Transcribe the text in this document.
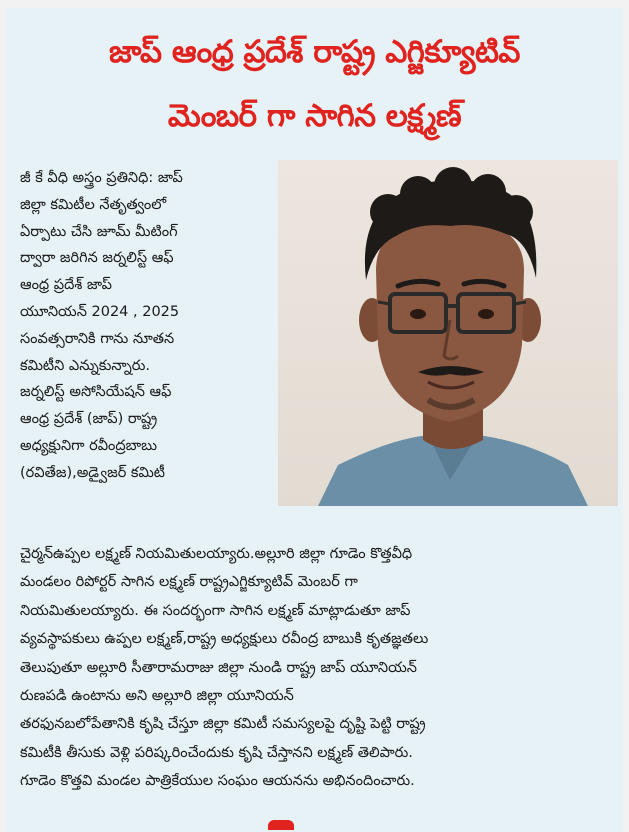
జాప్ ఆంధ్ర ప్రదేశ్ రాష్ట్ర ఎగ్జిక్యూటివ్
మెంబర్ గా సాగిన లక్ష్మణ్
జీ కే వీధి అస్త్రం ప్రతినిధి: జాప్
జిల్లా కమిటీల నేతృత్వంలో
ఏర్పాటు చేసి జూమ్ మీటింగ్
ద్వారా జరిగిన జర్నలిస్ట్ ఆఫ్
ఆంధ్ర ప్రదేశ్ జాప్
యూనియన్ 2024 , 2025
సంవత్సరానికి గాను నూతన
కమిటీని ఎన్నుకున్నారు.
జర్నలిస్ట్ అసోసియేషన్ ఆఫ్
ఆంధ్ర ప్రదేశ్ (జాప్) రాష్ట్ర
అధ్యక్షునిగా రవీంద్రబాబు
(రవితేజ),అడ్వైజర్ కమిటీ
చైర్మన్ఉప్పల లక్ష్మణ్ నియమితులయ్యారు.అల్లూరి జిల్లా గూడెం కొత్తవీధి
మండలం రిపోర్టర్ సాగిన లక్ష్మణ్ రాష్ట్రఎగ్జిక్యూటివ్ మెంబర్ గా
నియమితులయ్యారు. ఈ సందర్భంగా సాగిన లక్ష్మణ్ మాట్లాడుతూ జాప్
వ్యవస్థాపకులు ఉప్పల లక్ష్మణ్,రాష్ట్ర అధ్యక్షులు రవీంద్ర బాబుకి కృతజ్ఞతలు
తెలుపుతూ అల్లూరి సీతారామరాజు జిల్లా నుండి రాష్ట్ర జాప్ యూనియన్
రుణపడి ఉంటాను అని అల్లూరి జిల్లా యూనియన్
తరఫునబలోపేతానికి కృషి చేస్తూ జిల్లా కమిటీ సమస్యలపై దృష్టి పెట్టి రాష్ట్ర
కమిటీకి తీసుకు వెళ్లి పరిష్కరించేందుకు కృషి చేస్తానని లక్ష్మణ్ తెలిపారు.
గూడెం కొత్తవి మండల పాత్రికేయుల సంఘం ఆయనను అభినందించారు.
